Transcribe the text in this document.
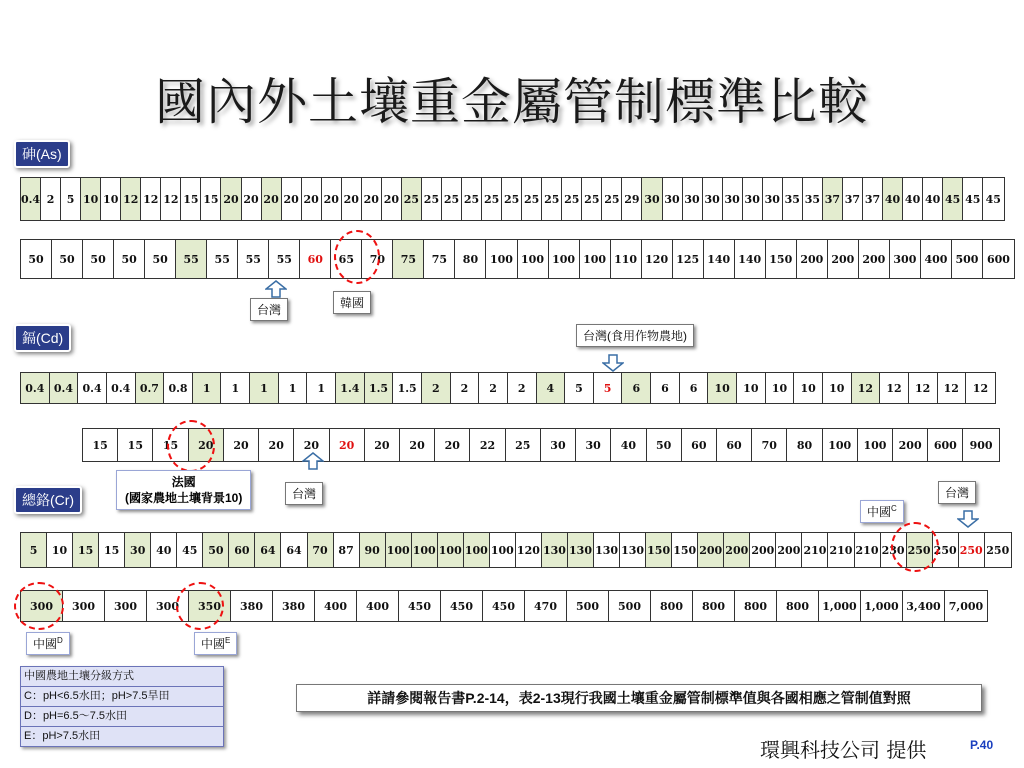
國內外土壤重金屬管制標準比較
砷(As)
0.4 2	5 10 10 12 12 12 15 15 20 20 20 20 20 20 20 20 20 25 25 25 25 25 25 25 25 25 25 25 29 30 30 30 30 30 30 30 35 35 37 37 37 40 40 40 45 45 45
50	50	50	50	50	55	55	55	55	60	65	70	75	75	80	100 100 100 100 110 120 125 140 140 150 200 200 200 300 400 500 600
台灣	韓國
鎘(Cd)	台灣(食用作物農地)
0.4 0.4 0.4 0.4 0.7 0.8	1	1	1	1	1	1.4 1.5 1.5	2	2	2	2	4	5	5	6	6	6	10	10	10	10	10	12	12	12	12	12
15	15	15	20	20	20	20	20	20	20	20	22	25	30	30	40	50	60	60	70	80	100	100	200	600	900
法國
(國家農地土壤背景10)	台灣
總鉻(Cr)	台灣
中國$^C$
5	10 15 15 30 40 45 50 60 64 64 70 87 90 100 100 100 100 100 120 130 130 130 130 150 150 200 200 200 200 210 210 210 230 250 250 250 250
300	300	300	300	350	380	380	400	400	450	450	450	470	500	500	800	800	800	800	1,000 1,000 3,400 7,000
中國$^D$	中國$^E$
中國農地土壤分級方式
C：pH<6.5水田；pH>7.5旱田
D：pH=6.5～7.5水田
E：pH>7.5水田
詳請參閱報告書P.2-14，表2-13現行我國土壤重金屬管制標準值與各國相應之管制值對照
環興科技公司 提供	P.40
